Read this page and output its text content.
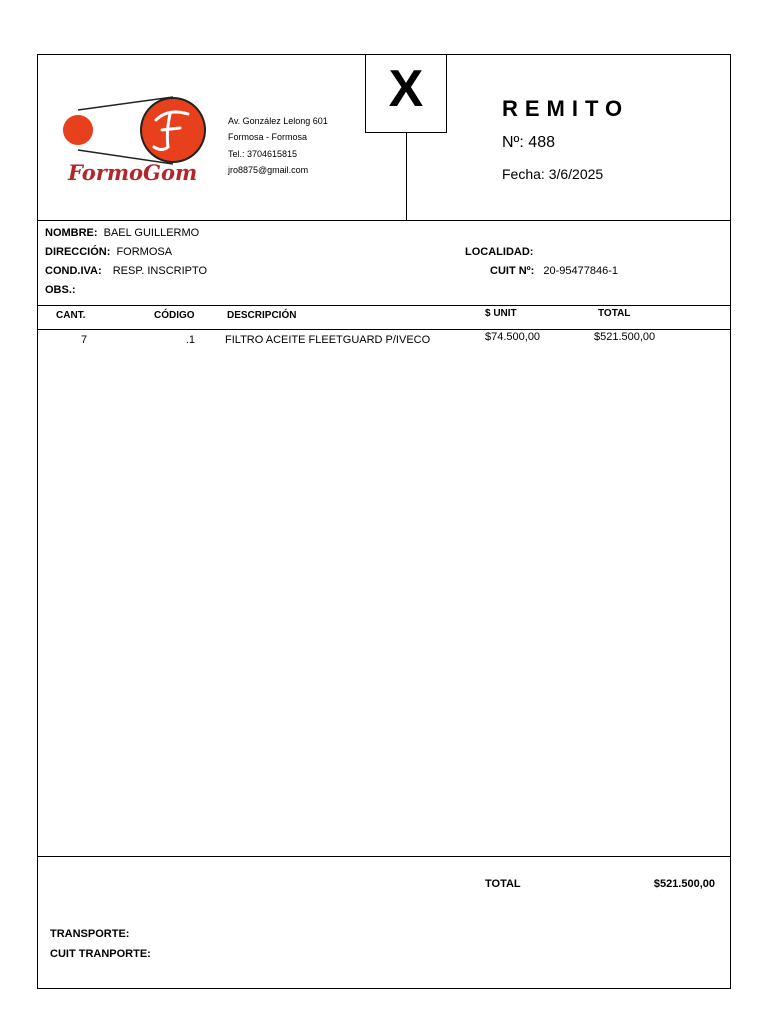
FormoGom
Av. González Lelong 601
Formosa - Formosa
Tel.: 3704615815
jro8875@gmail.com
X	REMITO
Nº: 488
Fecha: 3/6/2025
NOMBRE: BAEL GUILLERMO
DIRECCIÓN: FORMOSA	LOCALIDAD:
COND.IVA: RESP. INSCRIPTO	CUIT Nº: 20-95477846-1
OBS.:
CANT.	CÓDIGO	DESCRIPCIÓN	$ UNIT	TOTAL
7	.1	FILTRO ACEITE FLEETGUARD P/IVECO	$74.500,00	$521.500,00
TOTAL	$521.500,00
TRANSPORTE:
CUIT TRANPORTE:
